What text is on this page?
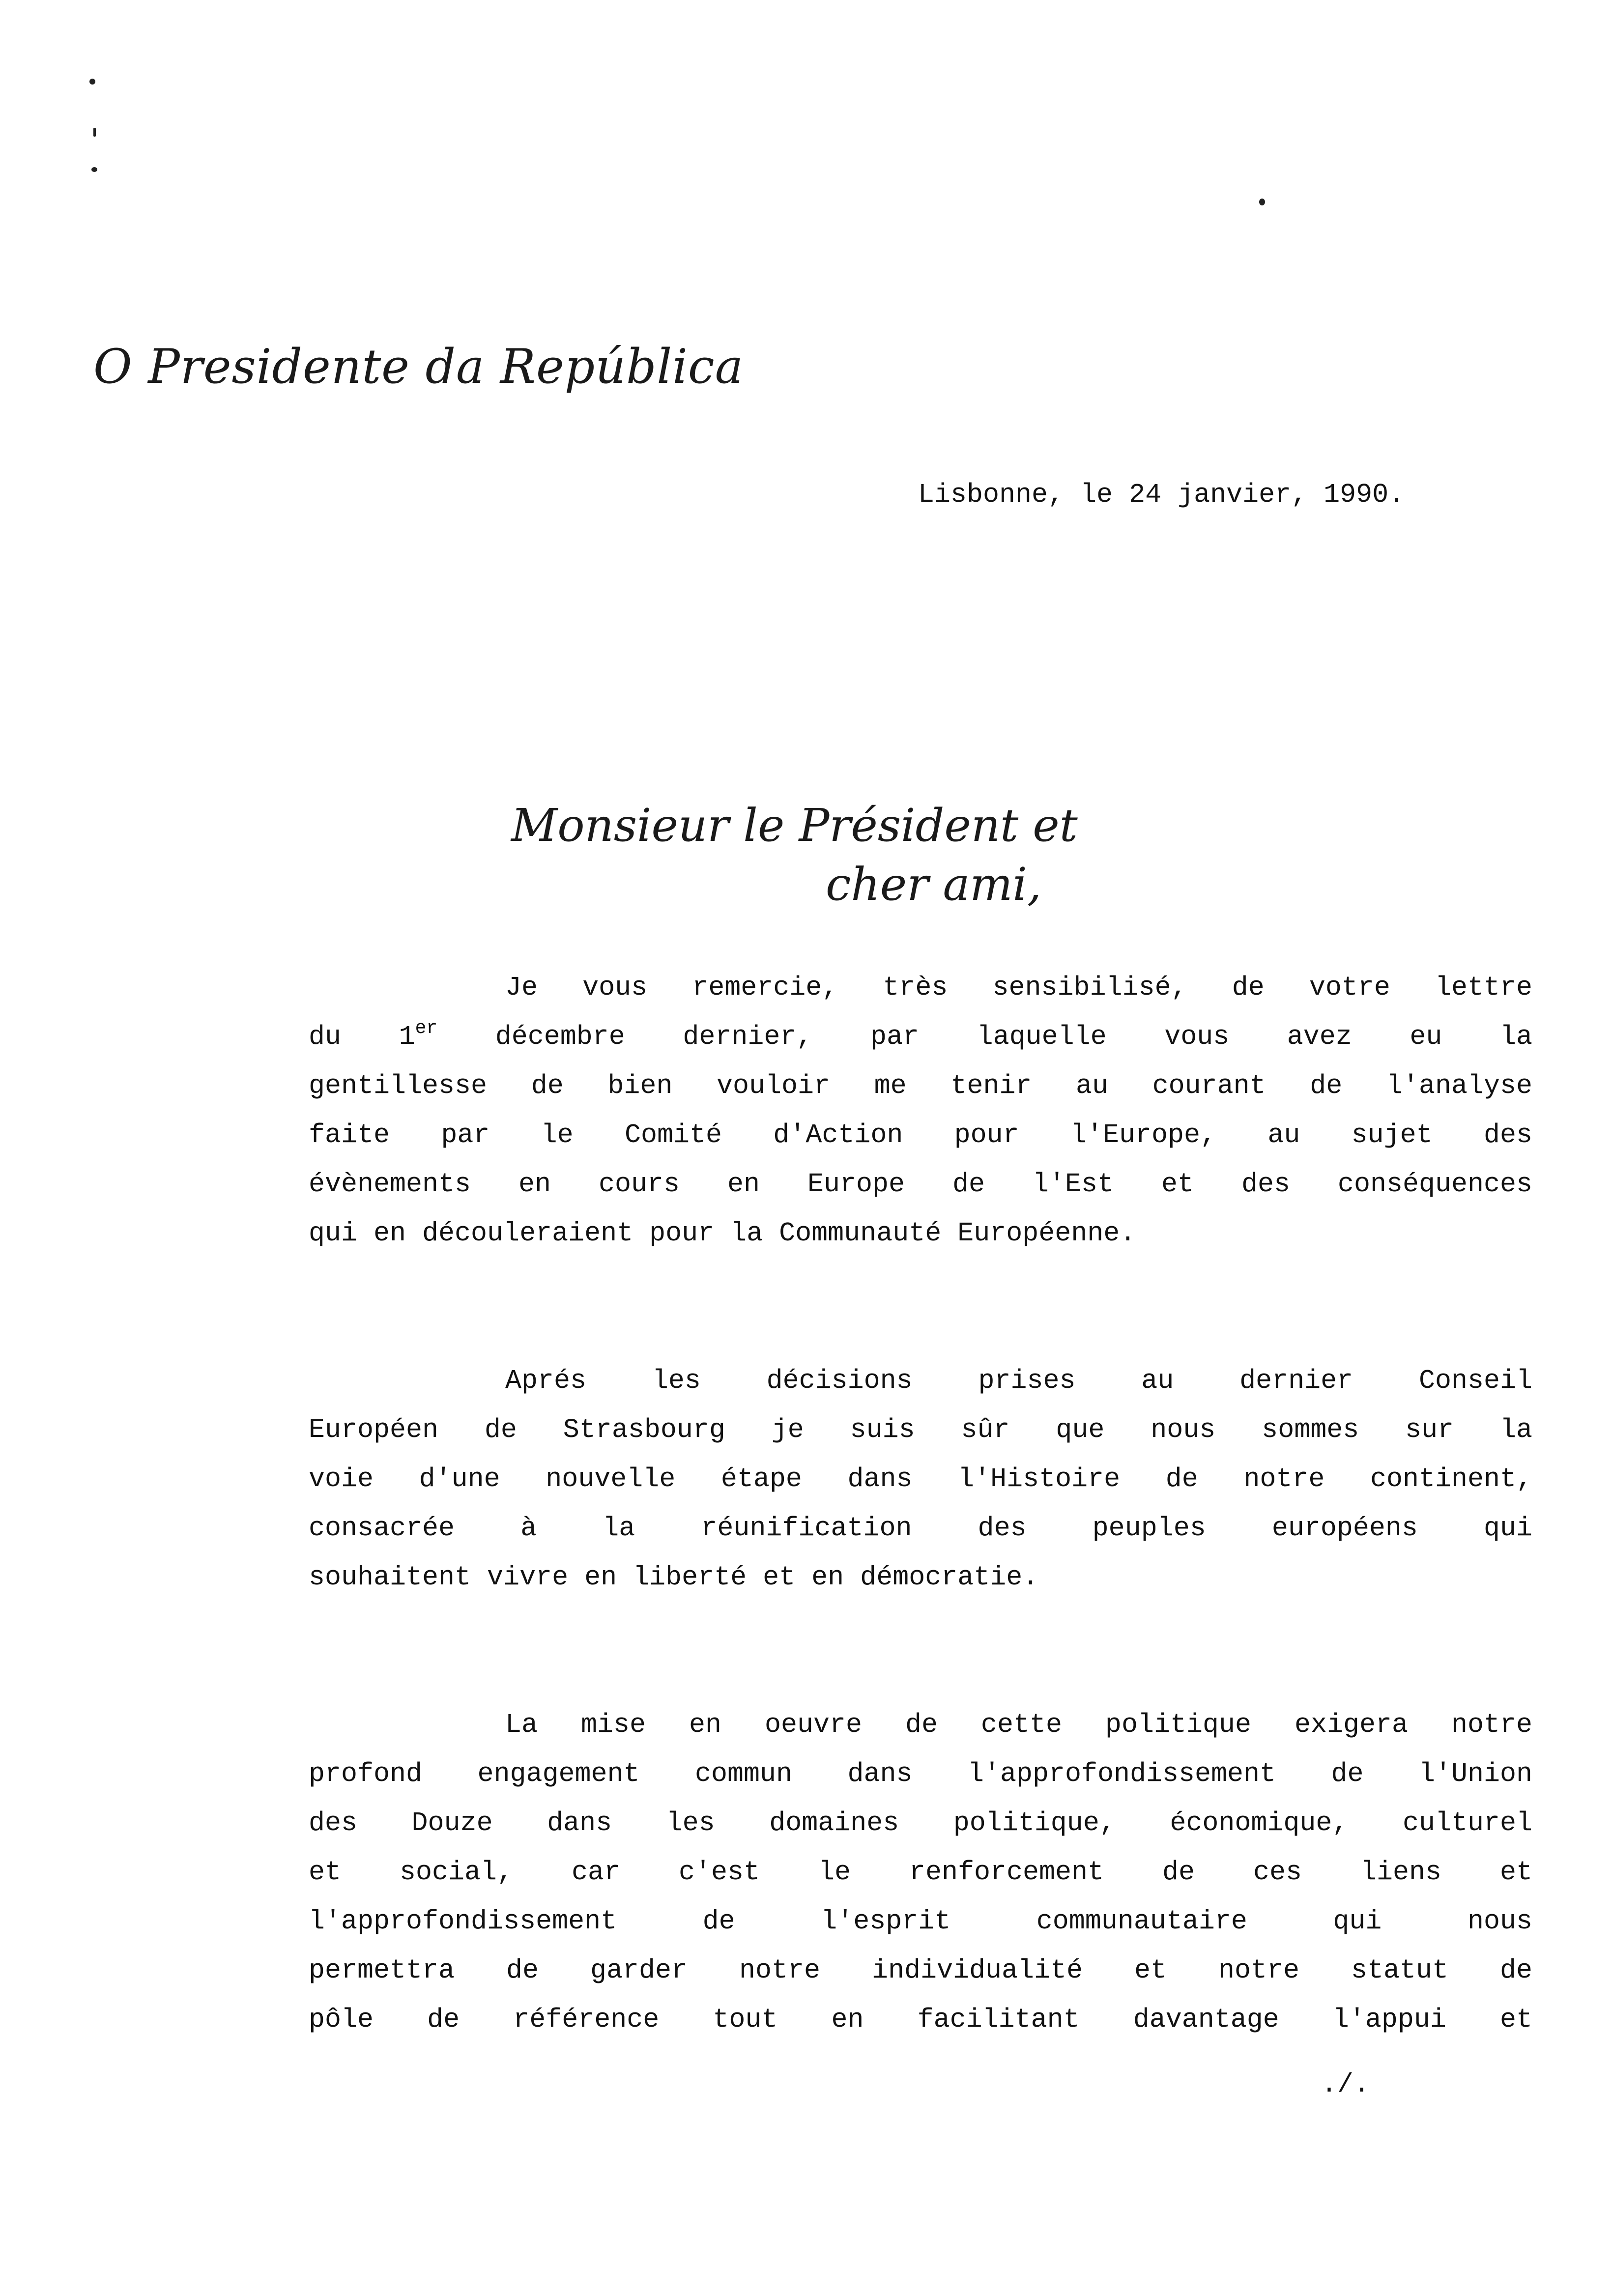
O Presidente da República
Lisbonne, le 24 janvier, 1990.
Monsieur le Président et
cher ami,
Je vous remercie, très sensibilisé, de votre lettre
du 1er décembre dernier, par laquelle vous avez eu la
gentillesse de bien vouloir me tenir au courant de l'analyse
faite par le Comité d'Action pour l'Europe, au sujet des
évènements en cours en Europe de l'Est et des conséquences
qui en découleraient pour la Communauté Européenne.
Aprés les décisions prises au dernier Conseil
Européen de Strasbourg je suis sûr que nous sommes sur la
voie d'une nouvelle étape dans l'Histoire de notre continent,
consacrée à la réunification des peuples européens qui
souhaitent vivre en liberté et en démocratie.
La mise en oeuvre de cette politique exigera notre
profond engagement commun dans l'approfondissement de l'Union
des Douze dans les domaines politique, économique, culturel
et social, car c'est le renforcement de ces liens et
l'approfondissement de l'esprit communautaire qui nous
permettra de garder notre individualité et notre statut de
pôle de référence tout en facilitant davantage l'appui et
./.
